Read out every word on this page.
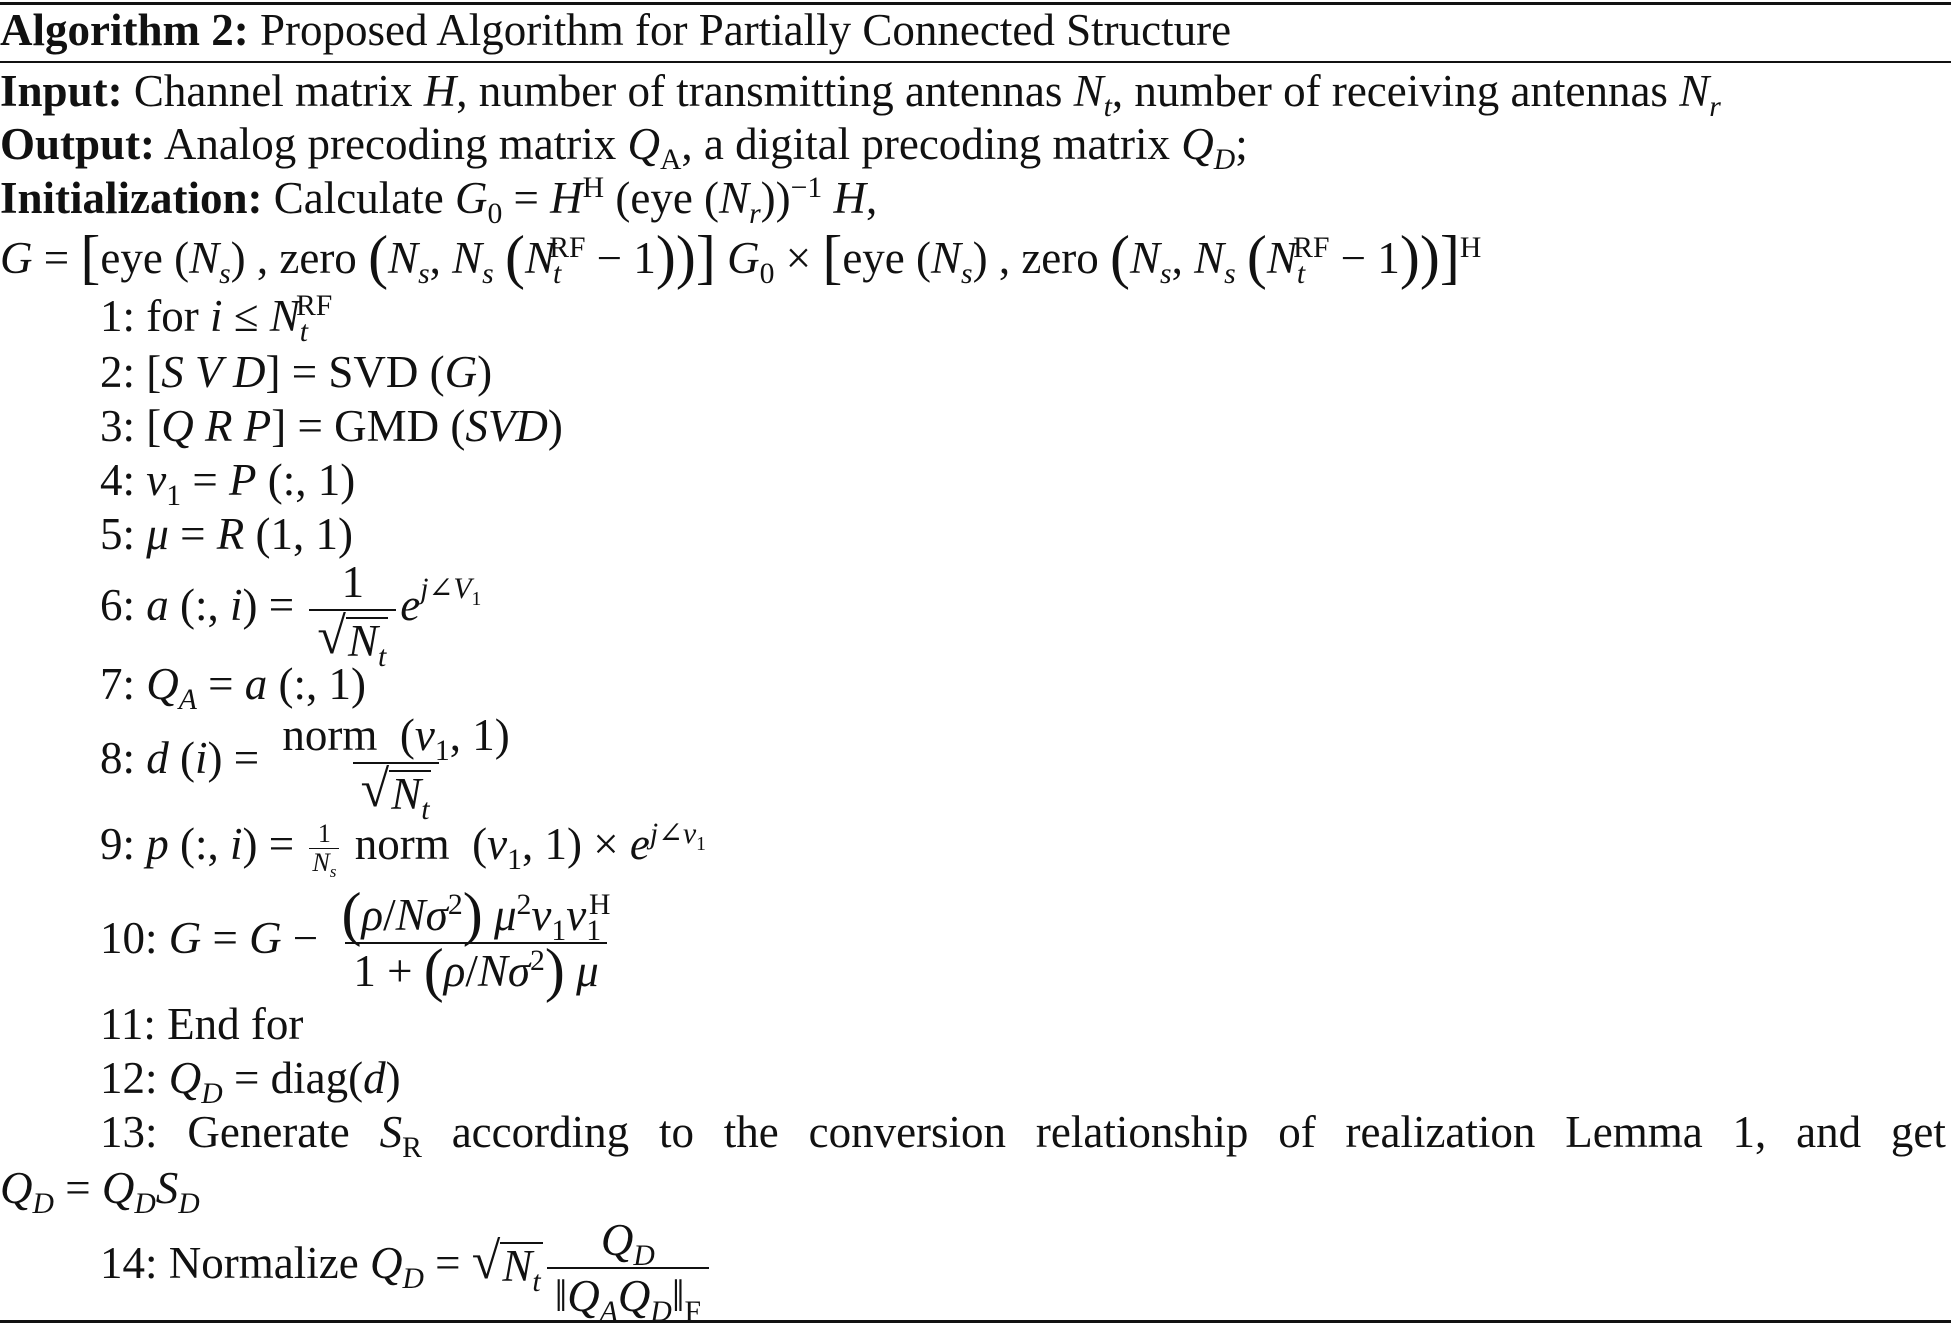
Algorithm 2: Proposed Algorithm for Partially Connected Structure
Input: Channel matrix H, number of transmitting antennas $N_t$, number of receiving antennas $N_r$
Output: Analog precoding matrix $Q_A$, a digital precoding matrix $Q_D$;
Initialization: Calculate $G_0 = H^H$ (eye $(N_r))^{-1}$ H,
G = [eye $(N_s)$ , zero ($N_s$, $N_s$ $(N_t^{RF} - 1)$)] $G_0 \times [eye$ $(N_s)$ , zero ($N_s$, $N_s$ $(N_t^{RF} - 1))]^H$
1: for $i \le N_t^{RF}$
2: [S V D] = SVD (G)
3: [Q R P] = GMD (SVD)
4: $v_1 = P$ (:, 1)
5: μ = R (1, 1)
6: a (:, $i) = \frac{1}{√ N_t} e^{j\angle V_1}$
7: $Q_A = a$ (:, 1)
8: d $(i) = \frac{norm (v_1, 1)}{√ N_t}$
9: p (:, $i) = \frac{1}{N_s}$ norm  ($v_1$, $1) \times e^{j\angle v_1}$
10: $G = G - \frac{(\rho/N\sigma^2) \mu^2v_1v_1^H}{1 + (\rho/N\sigma^2) \mu}$
11: End for
12: $Q_D$ = diag(d)
13: Generate $S_R$ according to the conversion relationship of realization Lemma 1, and get
$Q_D = Q_DS_D$
14: Normalize $Q_D$ = √ $N_t \frac{Q_D}{‖Q_AQ_D‖_F}$
